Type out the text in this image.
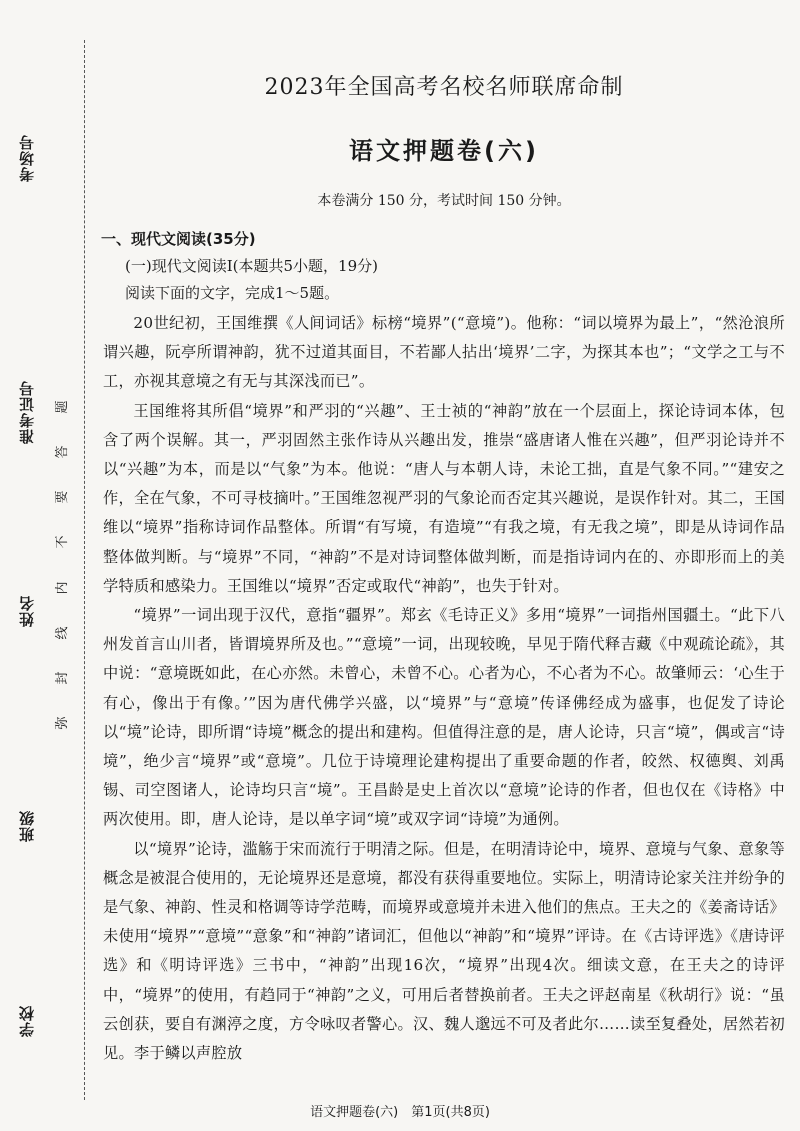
考场号
准考证号
姓名
班级
学校
弥
封
线
内
不
要
答
题
2023年全国高考名校名师联席命制
语文押题卷(六)
本卷满分 150 分，考试时间 150 分钟。
一、现代文阅读(35分)
(一)现代文阅读Ⅰ(本题共5小题，19分)
阅读下面的文字，完成1～5题。

20世纪初，王国维撰《人间词话》标榜“境界”(“意境”)。他称：“词以境界为最上”，“然沧浪所谓兴趣，阮亭所谓神韵，犹不过道其面目，不若鄙人拈出‘境界’二字，为探其本也”；“文学之工与不工，亦视其意境之有无与其深浅而已”。

王国维将其所倡“境界”和严羽的“兴趣”、王士祯的“神韵”放在一个层面上，探论诗词本体，包含了两个误解。其一，严羽固然主张作诗从兴趣出发，推崇“盛唐诸人惟在兴趣”，但严羽论诗并不以“兴趣”为本，而是以“气象”为本。他说：“唐人与本朝人诗，未论工拙，直是气象不同。”“建安之作，全在气象，不可寻枝摘叶。”王国维忽视严羽的气象论而否定其兴趣说，是误作针对。其二，王国维以“境界”指称诗词作品整体。所谓“有写境，有造境”“有我之境，有无我之境”，即是从诗词作品整体做判断。与“境界”不同，“神韵”不是对诗词整体做判断，而是指诗词内在的、亦即形而上的美学特质和感染力。王国维以“境界”否定或取代“神韵”，也失于针对。

“境界”一词出现于汉代，意指“疆界”。郑玄《毛诗正义》多用“境界”一词指州国疆土。“此下八州发首言山川者，皆谓境界所及也。”“意境”一词，出现较晚，早见于隋代释吉藏《中观疏论疏》，其中说：“意境既如此，在心亦然。未曾心，未曾不心。心者为心，不心者为不心。故肇师云：‘心生于有心，像出于有像。’”因为唐代佛学兴盛，以“境界”与“意境”传译佛经成为盛事，也促发了诗论以“境”论诗，即所谓“诗境”概念的提出和建构。但值得注意的是，唐人论诗，只言“境”，偶或言“诗境”，绝少言“境界”或“意境”。几位于诗境理论建构提出了重要命题的作者，皎然、权德舆、刘禹锡、司空图诸人，论诗均只言“境”。王昌龄是史上首次以“意境”论诗的作者，但也仅在《诗格》中两次使用。即，唐人论诗，是以单字词“境”或双字词“诗境”为通例。

以“境界”论诗，滥觞于宋而流行于明清之际。但是，在明清诗论中，境界、意境与气象、意象等概念是被混合使用的，无论境界还是意境，都没有获得重要地位。实际上，明清诗论家关注并纷争的是气象、神韵、性灵和格调等诗学范畴，而境界或意境并未进入他们的焦点。王夫之的《姜斋诗话》未使用“境界”“意境”“意象”和“神韵”诸词汇，但他以“神韵”和“境界”评诗。在《古诗评选》《唐诗评选》和《明诗评选》三书中，“神韵”出现16次，“境界”出现4次。细读文意，在王夫之的诗评中，“境界”的使用，有趋同于“神韵”之义，可用后者替换前者。王夫之评赵南星《秋胡行》说：“虽云创获，要自有渊渟之度，方令咏叹者警心。汉、魏人邈远不可及者此尔……读至复叠处，居然若初见。李于鳞以声腔放

语文押题卷(六)　第1页(共8页)
